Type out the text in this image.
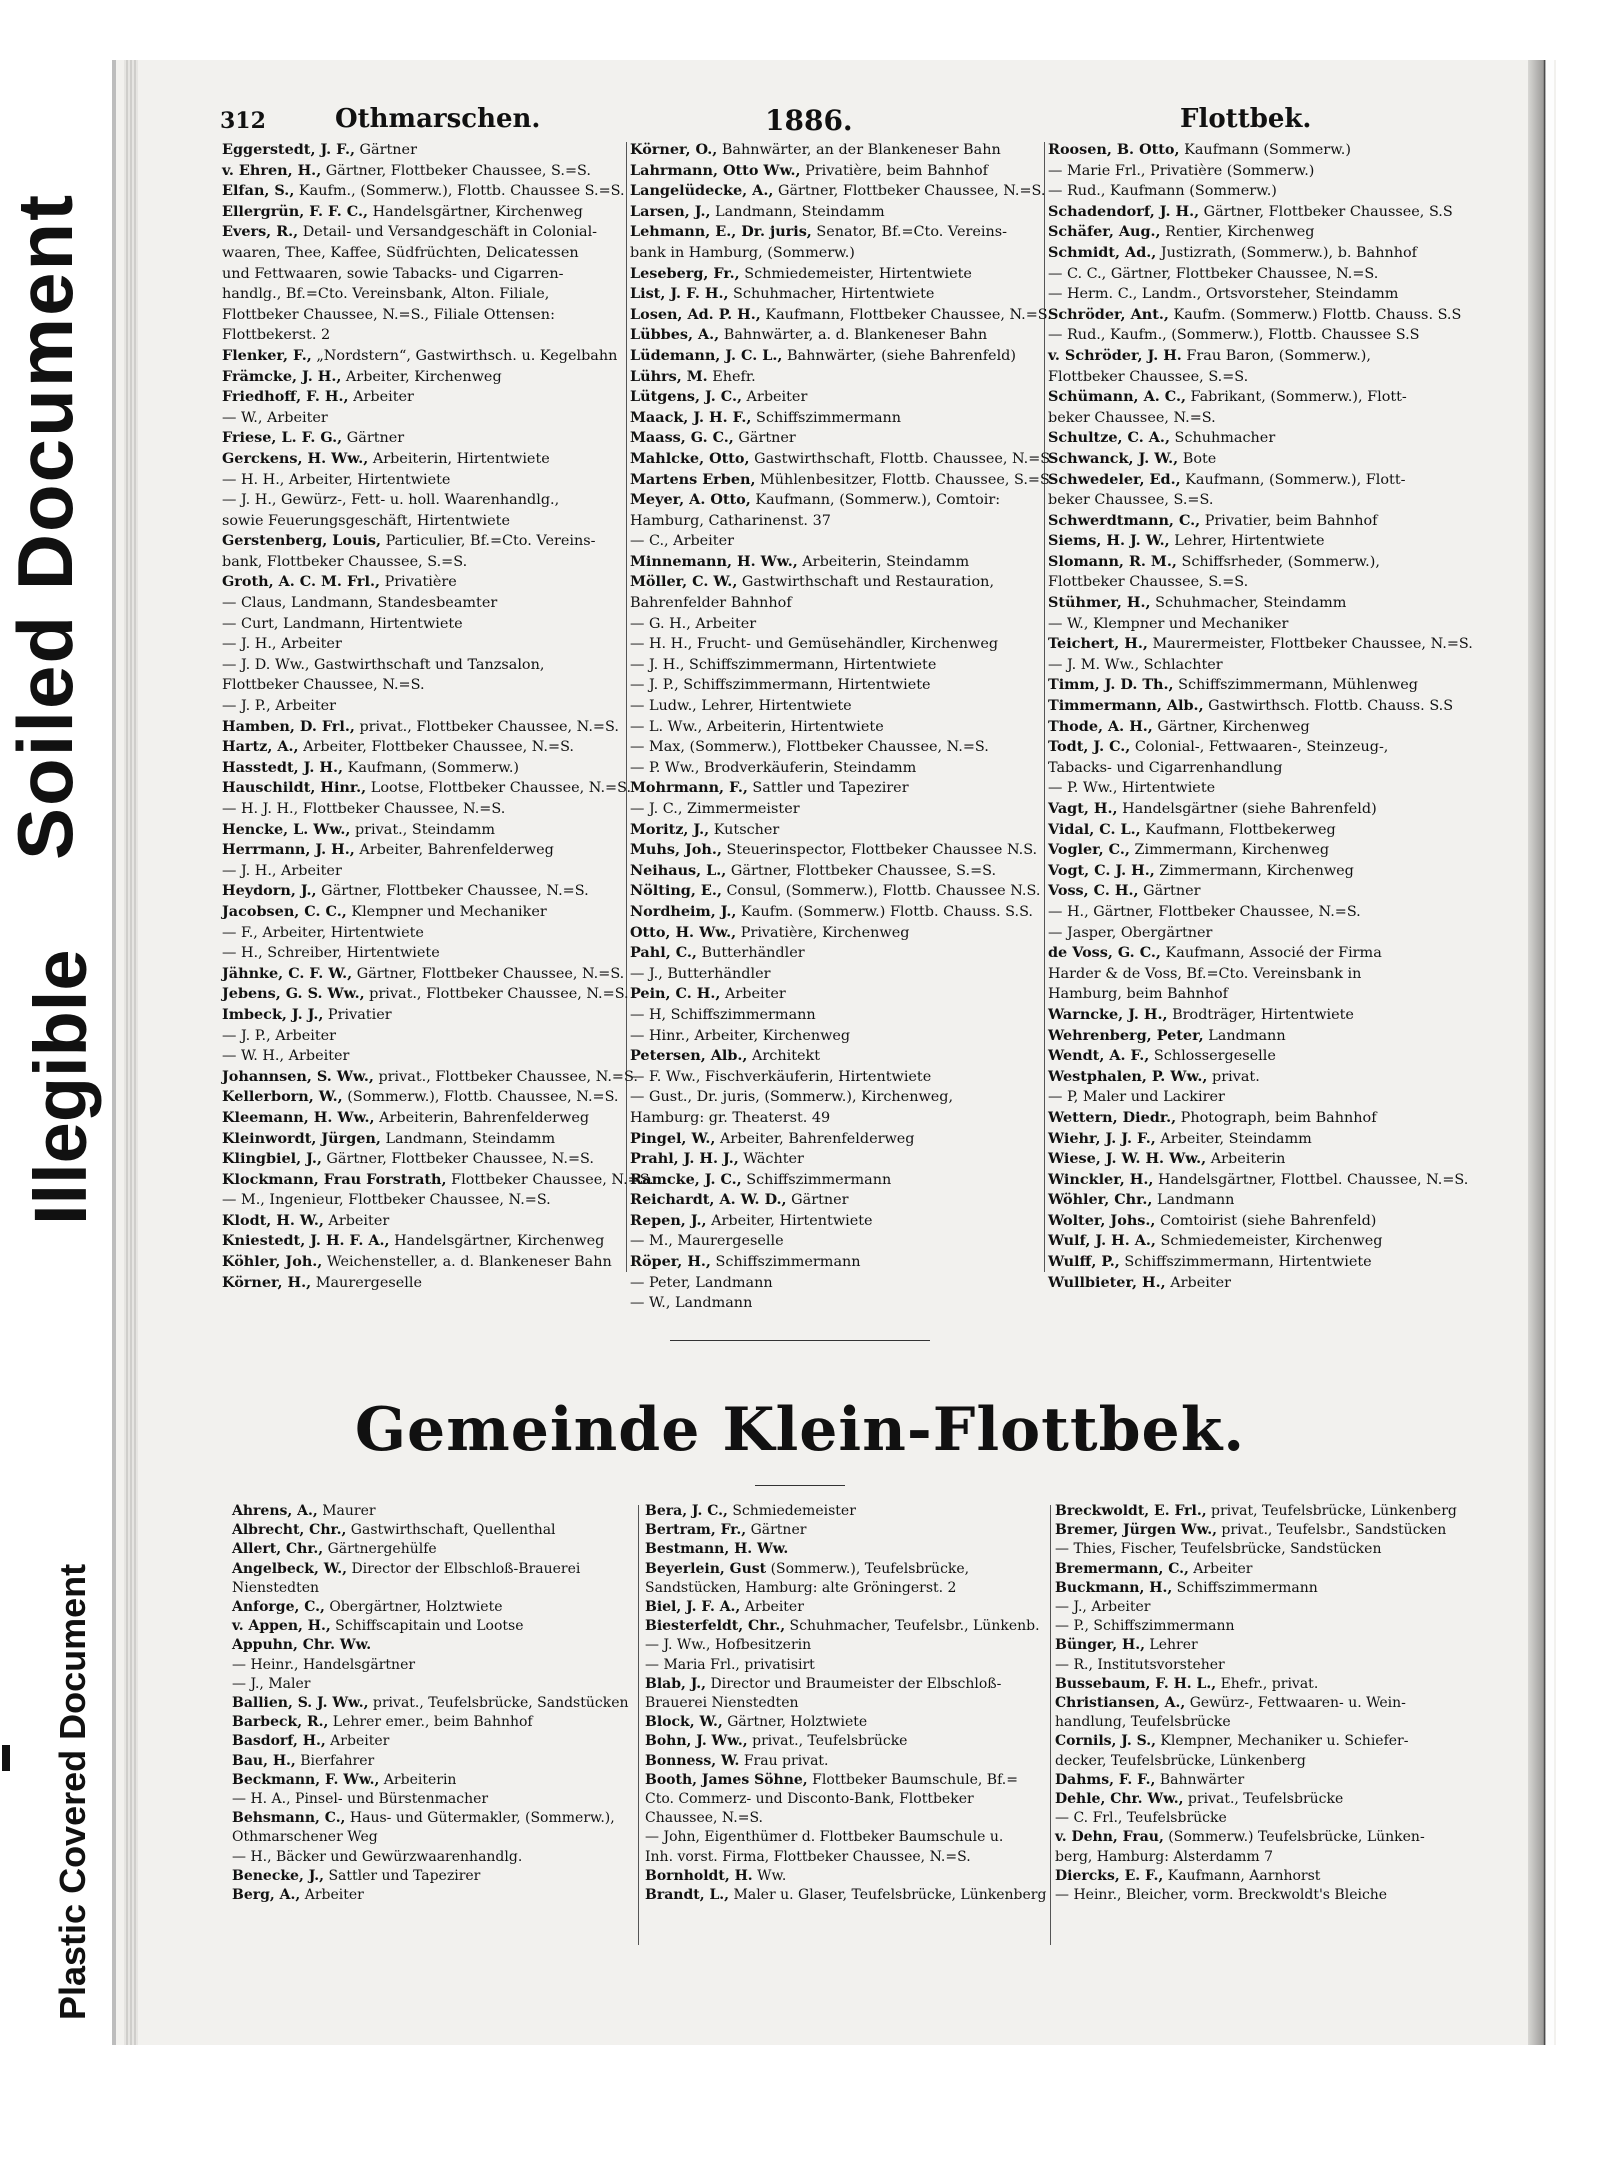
Soiled Document
Illegible
Plastic Covered Document
312	Othmarschen.	1886.	Flottbek.
Eggerstedt, J. F., Gärtner
v. Ehren, H., Gärtner, Flottbeker Chaussee, S.=S.
Elfan, S., Kaufm., (Sommerw.), Flottb. Chaussee S.=S.
Ellergrün, F. F. C., Handelsgärtner, Kirchenweg
Evers, R., Detail- und Versandgeschäft in Colonial-
waaren, Thee, Kaffee, Südfrüchten, Delicatessen
und Fettwaaren, sowie Tabacks- und Cigarren-
handlg., Bf.=Cto. Vereinsbank, Alton. Filiale,
Flottbeker Chaussee, N.=S., Filiale Ottensen:
Flottbekerst. 2
Flenker, F., „Nordstern“, Gastwirthsch. u. Kegelbahn
Främcke, J. H., Arbeiter, Kirchenweg
Friedhoff, F. H., Arbeiter
— W., Arbeiter
Friese, L. F. G., Gärtner
Gerckens, H. Ww., Arbeiterin, Hirtentwiete
— H. H., Arbeiter, Hirtentwiete
— J. H., Gewürz-, Fett- u. holl. Waarenhandlg.,
sowie Feuerungsgeschäft, Hirtentwiete
Gerstenberg, Louis, Particulier, Bf.=Cto. Vereins-
bank, Flottbeker Chaussee, S.=S.
Groth, A. C. M. Frl., Privatière
— Claus, Landmann, Standesbeamter
— Curt, Landmann, Hirtentwiete
— J. H., Arbeiter
— J. D. Ww., Gastwirthschaft und Tanzsalon,
Flottbeker Chaussee, N.=S.
— J. P., Arbeiter
Hamben, D. Frl., privat., Flottbeker Chaussee, N.=S.
Hartz, A., Arbeiter, Flottbeker Chaussee, N.=S.
Hasstedt, J. H., Kaufmann, (Sommerw.)
Hauschildt, Hinr., Lootse, Flottbeker Chaussee, N.=S.
— H. J. H., Flottbeker Chaussee, N.=S.
Hencke, L. Ww., privat., Steindamm
Herrmann, J. H., Arbeiter, Bahrenfelderweg
— J. H., Arbeiter
Heydorn, J., Gärtner, Flottbeker Chaussee, N.=S.
Jacobsen, C. C., Klempner und Mechaniker
— F., Arbeiter, Hirtentwiete
— H., Schreiber, Hirtentwiete
Jähnke, C. F. W., Gärtner, Flottbeker Chaussee, N.=S.
Jebens, G. S. Ww., privat., Flottbeker Chaussee, N.=S.
Imbeck, J. J., Privatier
— J. P., Arbeiter
— W. H., Arbeiter
Johannsen, S. Ww., privat., Flottbeker Chaussee, N.=S.
Kellerborn, W., (Sommerw.), Flottb. Chaussee, N.=S.
Kleemann, H. Ww., Arbeiterin, Bahrenfelderweg
Kleinwordt, Jürgen, Landmann, Steindamm
Klingbiel, J., Gärtner, Flottbeker Chaussee, N.=S.
Klockmann, Frau Forstrath, Flottbeker Chaussee, N.=S.
— M., Ingenieur, Flottbeker Chaussee, N.=S.
Klodt, H. W., Arbeiter
Kniestedt, J. H. F. A., Handelsgärtner, Kirchenweg
Köhler, Joh., Weichensteller, a. d. Blankeneser Bahn
Körner, H., Maurergeselle
Körner, O., Bahnwärter, an der Blankeneser Bahn
Lahrmann, Otto Ww., Privatière, beim Bahnhof
Langelüdecke, A., Gärtner, Flottbeker Chaussee, N.=S.
Larsen, J., Landmann, Steindamm
Lehmann, E., Dr. juris, Senator, Bf.=Cto. Vereins-
bank in Hamburg, (Sommerw.)
Leseberg, Fr., Schmiedemeister, Hirtentwiete
List, J. F. H., Schuhmacher, Hirtentwiete
Losen, Ad. P. H., Kaufmann, Flottbeker Chaussee, N.=S.
Lübbes, A., Bahnwärter, a. d. Blankeneser Bahn
Lüdemann, J. C. L., Bahnwärter, (siehe Bahrenfeld)
Lührs, M. Ehefr.
Lütgens, J. C., Arbeiter
Maack, J. H. F., Schiffszimmermann
Maass, G. C., Gärtner
Mahlcke, Otto, Gastwirthschaft, Flottb. Chaussee, N.=S.
Martens Erben, Mühlenbesitzer, Flottb. Chaussee, S.=S.
Meyer, A. Otto, Kaufmann, (Sommerw.), Comtoir:
Hamburg, Catharinenst. 37
— C., Arbeiter
Minnemann, H. Ww., Arbeiterin, Steindamm
Möller, C. W., Gastwirthschaft und Restauration,
Bahrenfelder Bahnhof
— G. H., Arbeiter
— H. H., Frucht- und Gemüsehändler, Kirchenweg
— J. H., Schiffszimmermann, Hirtentwiete
— J. P., Schiffszimmermann, Hirtentwiete
— Ludw., Lehrer, Hirtentwiete
— L. Ww., Arbeiterin, Hirtentwiete
— Max, (Sommerw.), Flottbeker Chaussee, N.=S.
— P. Ww., Brodverkäuferin, Steindamm
Mohrmann, F., Sattler und Tapezirer
— J. C., Zimmermeister
Moritz, J., Kutscher
Muhs, Joh., Steuerinspector, Flottbeker Chaussee N.S.
Neihaus, L., Gärtner, Flottbeker Chaussee, S.=S.
Nölting, E., Consul, (Sommerw.), Flottb. Chaussee N.S.
Nordheim, J., Kaufm. (Sommerw.) Flottb. Chauss. S.S.
Otto, H. Ww., Privatière, Kirchenweg
Pahl, C., Butterhändler
— J., Butterhändler
Pein, C. H., Arbeiter
— H, Schiffszimmermann
— Hinr., Arbeiter, Kirchenweg
Petersen, Alb., Architekt
— F. Ww., Fischverkäuferin, Hirtentwiete
— Gust., Dr. juris, (Sommerw.), Kirchenweg,
Hamburg: gr. Theaterst. 49
Pingel, W., Arbeiter, Bahrenfelderweg
Prahl, J. H. J., Wächter
Ramcke, J. C., Schiffszimmermann
Reichardt, A. W. D., Gärtner
Repen, J., Arbeiter, Hirtentwiete
— M., Maurergeselle
Röper, H., Schiffszimmermann
— Peter, Landmann
— W., Landmann
Roosen, B. Otto, Kaufmann (Sommerw.)
— Marie Frl., Privatière (Sommerw.)
— Rud., Kaufmann (Sommerw.)
Schadendorf, J. H., Gärtner, Flottbeker Chaussee, S.S
Schäfer, Aug., Rentier, Kirchenweg
Schmidt, Ad., Justizrath, (Sommerw.), b. Bahnhof
— C. C., Gärtner, Flottbeker Chaussee, N.=S.
— Herm. C., Landm., Ortsvorsteher, Steindamm
Schröder, Ant., Kaufm. (Sommerw.) Flottb. Chauss. S.S
— Rud., Kaufm., (Sommerw.), Flottb. Chaussee S.S
v. Schröder, J. H. Frau Baron, (Sommerw.),
Flottbeker Chaussee, S.=S.
Schümann, A. C., Fabrikant, (Sommerw.), Flott-
beker Chaussee, N.=S.
Schultze, C. A., Schuhmacher
Schwanck, J. W., Bote
Schwedeler, Ed., Kaufmann, (Sommerw.), Flott-
beker Chaussee, S.=S.
Schwerdtmann, C., Privatier, beim Bahnhof
Siems, H. J. W., Lehrer, Hirtentwiete
Slomann, R. M., Schiffsrheder, (Sommerw.),
Flottbeker Chaussee, S.=S.
Stühmer, H., Schuhmacher, Steindamm
— W., Klempner und Mechaniker
Teichert, H., Maurermeister, Flottbeker Chaussee, N.=S.
— J. M. Ww., Schlachter
Timm, J. D. Th., Schiffszimmermann, Mühlenweg
Timmermann, Alb., Gastwirthsch. Flottb. Chauss. S.S
Thode, A. H., Gärtner, Kirchenweg
Todt, J. C., Colonial-, Fettwaaren-, Steinzeug-,
Tabacks- und Cigarrenhandlung
— P. Ww., Hirtentwiete
Vagt, H., Handelsgärtner (siehe Bahrenfeld)
Vidal, C. L., Kaufmann, Flottbekerweg
Vogler, C., Zimmermann, Kirchenweg
Vogt, C. J. H., Zimmermann, Kirchenweg
Voss, C. H., Gärtner
— H., Gärtner, Flottbeker Chaussee, N.=S.
— Jasper, Obergärtner
de Voss, G. C., Kaufmann, Associé der Firma
Harder & de Voss, Bf.=Cto. Vereinsbank in
Hamburg, beim Bahnhof
Warncke, J. H., Brodträger, Hirtentwiete
Wehrenberg, Peter, Landmann
Wendt, A. F., Schlossergeselle
Westphalen, P. Ww., privat.
— P, Maler und Lackirer
Wettern, Diedr., Photograph, beim Bahnhof
Wiehr, J. J. F., Arbeiter, Steindamm
Wiese, J. W. H. Ww., Arbeiterin
Winckler, H., Handelsgärtner, Flottbel. Chaussee, N.=S.
Wöhler, Chr., Landmann
Wolter, Johs., Comtoirist (siehe Bahrenfeld)
Wulf, J. H. A., Schmiedemeister, Kirchenweg
Wulff, P., Schiffszimmermann, Hirtentwiete
Wullbieter, H., Arbeiter
Gemeinde Klein-Flottbek.
Ahrens, A., Maurer
Albrecht, Chr., Gastwirthschaft, Quellenthal
Allert, Chr., Gärtnergehülfe
Angelbeck, W., Director der Elbschloß-Brauerei
Nienstedten
Anforge, C., Obergärtner, Holztwiete
v. Appen, H., Schiffscapitain und Lootse
Appuhn, Chr. Ww.
— Heinr., Handelsgärtner
— J., Maler
Ballien, S. J. Ww., privat., Teufelsbrücke, Sandstücken
Barbeck, R., Lehrer emer., beim Bahnhof
Basdorf, H., Arbeiter
Bau, H., Bierfahrer
Beckmann, F. Ww., Arbeiterin
— H. A., Pinsel- und Bürstenmacher
Behsmann, C., Haus- und Gütermakler, (Sommerw.),
Othmarschener Weg
— H., Bäcker und Gewürzwaarenhandlg.
Benecke, J., Sattler und Tapezirer
Berg, A., Arbeiter
Bera, J. C., Schmiedemeister
Bertram, Fr., Gärtner
Bestmann, H. Ww.
Beyerlein, Gust (Sommerw.), Teufelsbrücke,
Sandstücken, Hamburg: alte Gröningerst. 2
Biel, J. F. A., Arbeiter
Biesterfeldt, Chr., Schuhmacher, Teufelsbr., Lünkenb.
— J. Ww., Hofbesitzerin
— Maria Frl., privatisirt
Blab, J., Director und Braumeister der Elbschloß-
Brauerei Nienstedten
Block, W., Gärtner, Holztwiete
Bohn, J. Ww., privat., Teufelsbrücke
Bonness, W. Frau privat.
Booth, James Söhne, Flottbeker Baumschule, Bf.=
Cto. Commerz- und Disconto-Bank, Flottbeker
Chaussee, N.=S.
— John, Eigenthümer d. Flottbeker Baumschule u.
Inh. vorst. Firma, Flottbeker Chaussee, N.=S.
Bornholdt, H. Ww.
Brandt, L., Maler u. Glaser, Teufelsbrücke, Lünkenberg
Breckwoldt, E. Frl., privat, Teufelsbrücke, Lünkenberg
Bremer, Jürgen Ww., privat., Teufelsbr., Sandstücken
— Thies, Fischer, Teufelsbrücke, Sandstücken
Bremermann, C., Arbeiter
Buckmann, H., Schiffszimmermann
— J., Arbeiter
— P., Schiffszimmermann
Bünger, H., Lehrer
— R., Institutsvorsteher
Bussebaum, F. H. L., Ehefr., privat.
Christiansen, A., Gewürz-, Fettwaaren- u. Wein-
handlung, Teufelsbrücke
Cornils, J. S., Klempner, Mechaniker u. Schiefer-
decker, Teufelsbrücke, Lünkenberg
Dahms, F. F., Bahnwärter
Dehle, Chr. Ww., privat., Teufelsbrücke
— C. Frl., Teufelsbrücke
v. Dehn, Frau, (Sommerw.) Teufelsbrücke, Lünken-
berg, Hamburg: Alsterdamm 7
Diercks, E. F., Kaufmann, Aarnhorst
— Heinr., Bleicher, vorm. Breckwoldt's Bleiche
